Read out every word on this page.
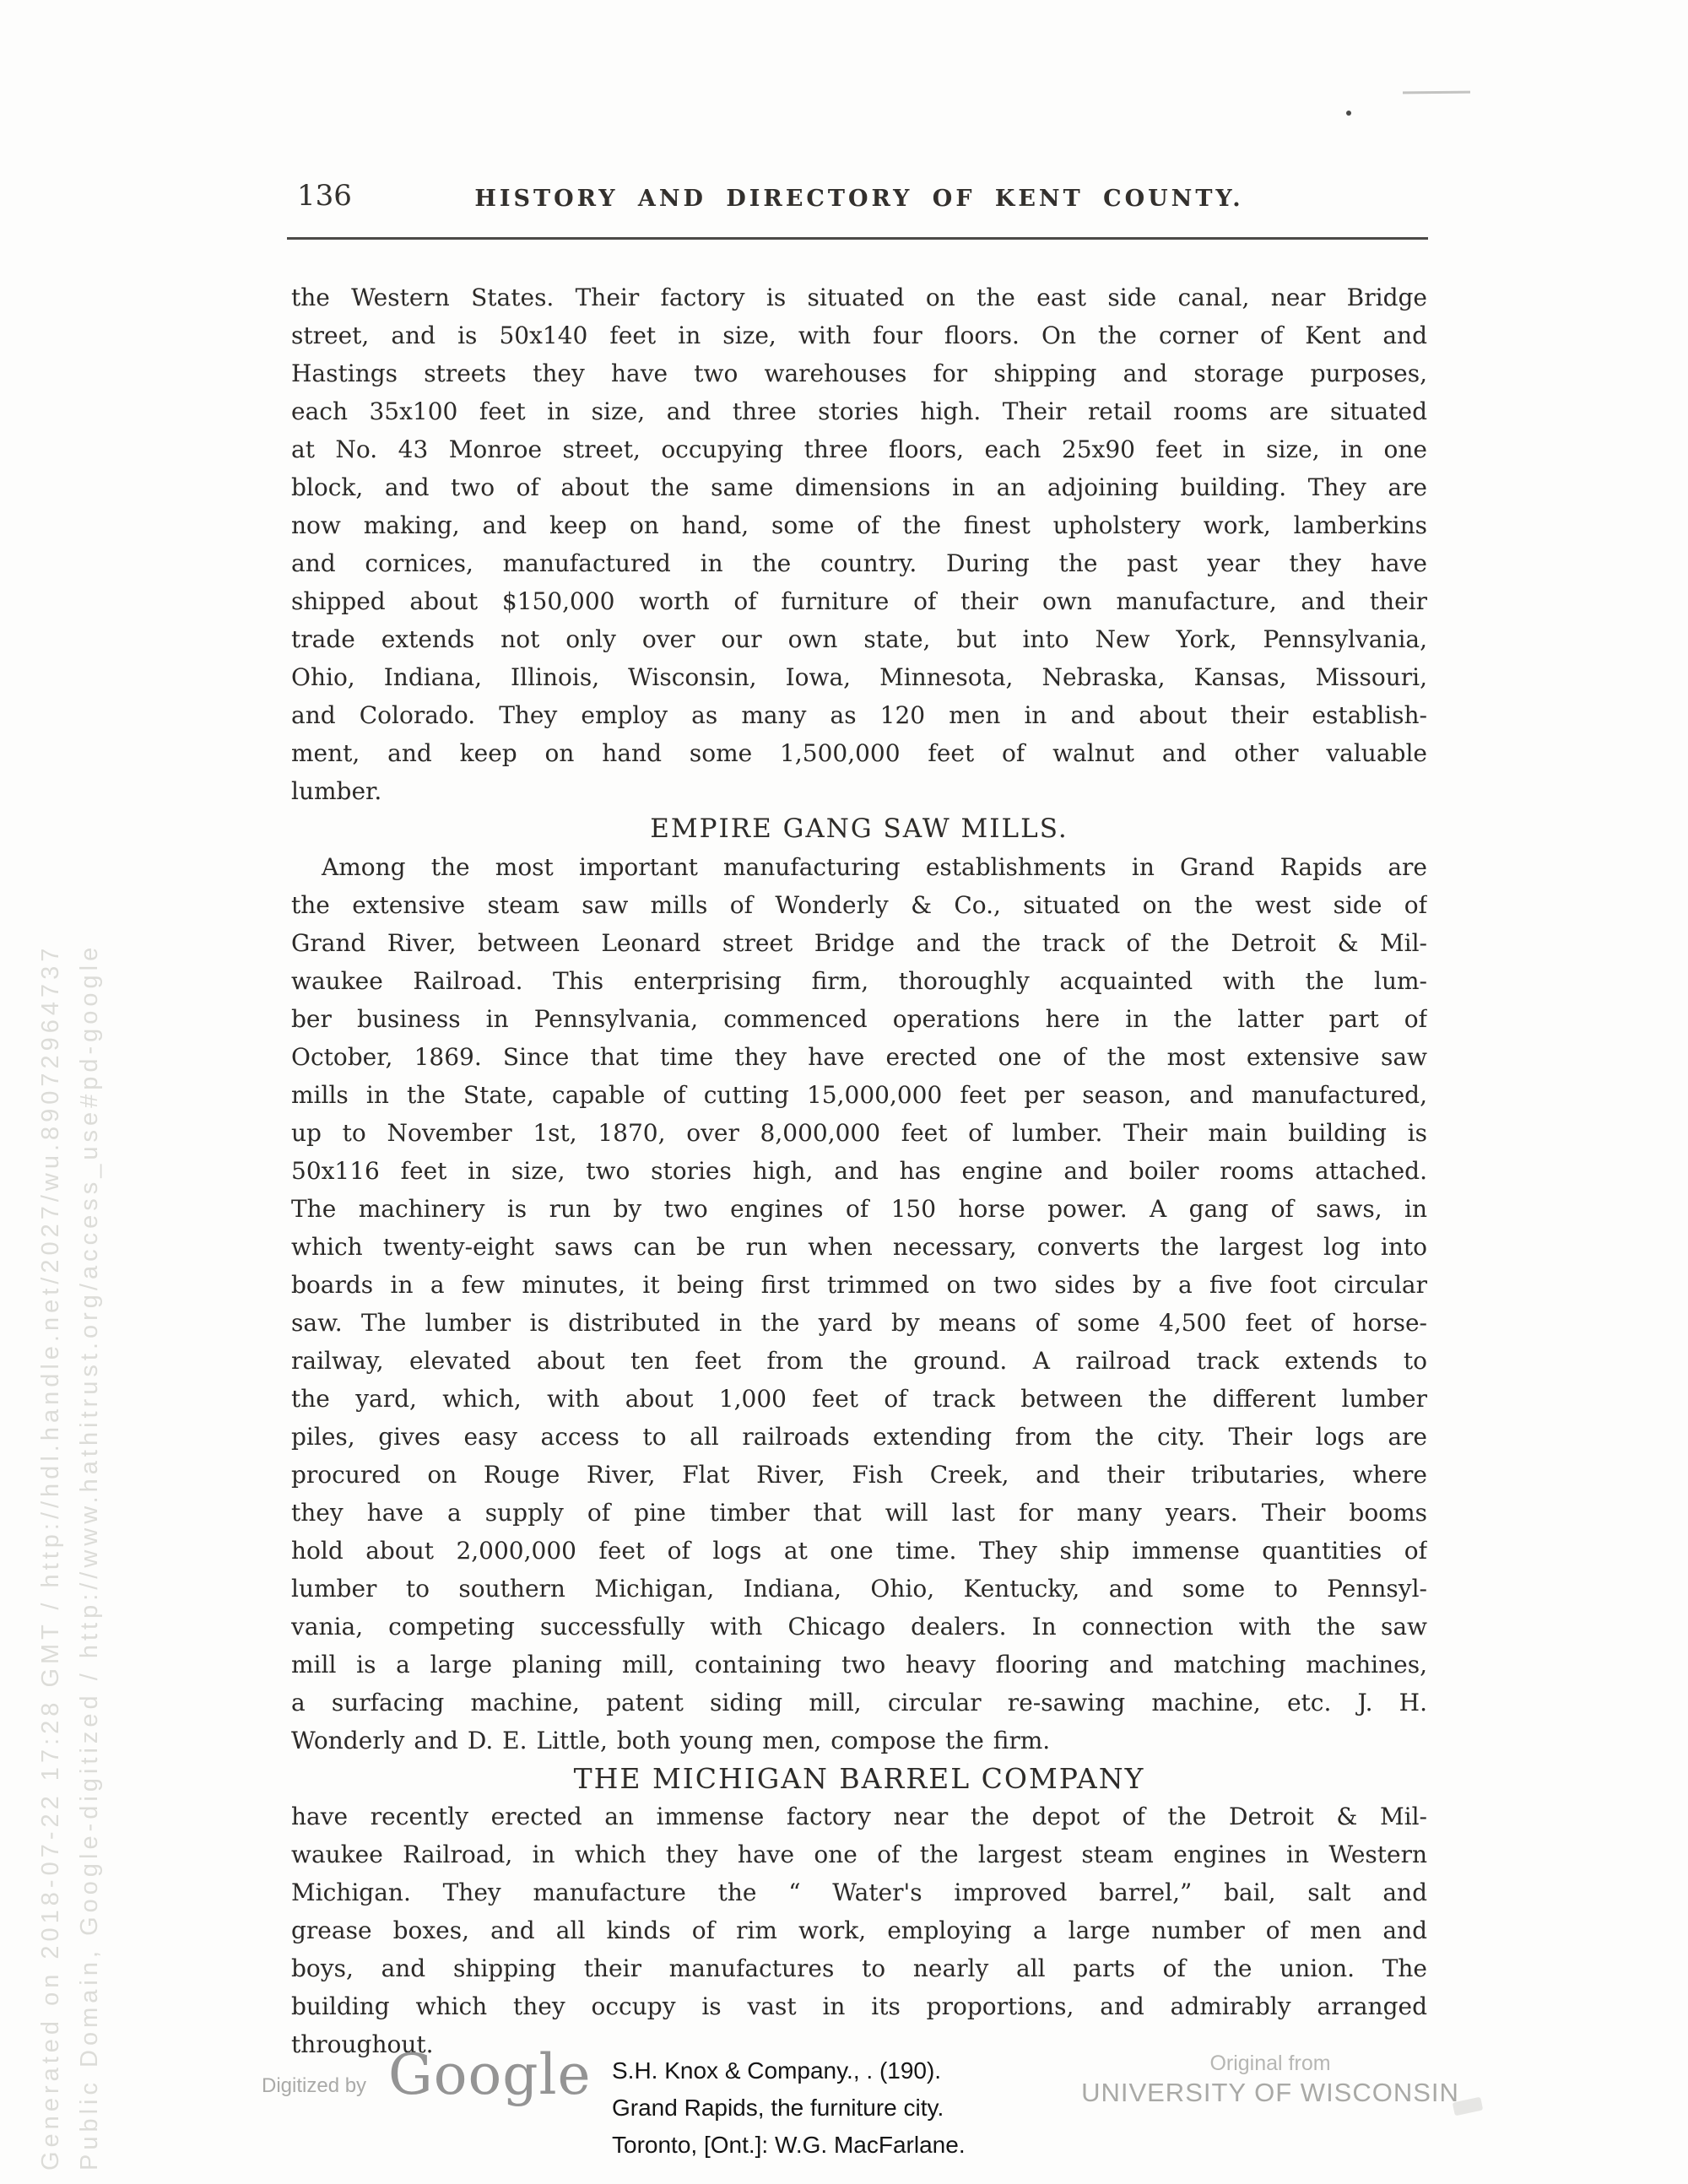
Generated on 2018-07-22 17:28 GMT / http://hdl.handle.net/2027/wu.89072964737 Public Domain, Google-digitized / http://www.hathitrust.org/access_use#pd-google
136	HISTORY AND DIRECTORY OF KENT COUNTY.
the Western States. Their factory is situated on the east side canal, near Bridge
street, and is 50x140 feet in size, with four floors. On the corner of Kent and
Hastings streets they have two warehouses for shipping and storage purposes,
each 35x100 feet in size, and three stories high. Their retail rooms are situated
at No. 43 Monroe street, occupying three floors, each 25x90 feet in size, in one
block, and two of about the same dimensions in an adjoining building. They are
now making, and keep on hand, some of the finest upholstery work, lamberkins
and cornices, manufactured in the country. During the past year they have
shipped about $150,000 worth of furniture of their own manufacture, and their
trade extends not only over our own state, but into New York, Pennsylvania,
Ohio, Indiana, Illinois, Wisconsin, Iowa, Minnesota, Nebraska, Kansas, Missouri,
and Colorado. They employ as many as 120 men in and about their establish-
ment, and keep on hand some 1,500,000 feet of walnut and other valuable
lumber.
EMPIRE GANG SAW MILLS.
Among the most important manufacturing establishments in Grand Rapids are
the extensive steam saw mills of Wonderly & Co., situated on the west side of
Grand River, between Leonard street Bridge and the track of the Detroit & Mil-
waukee Railroad. This enterprising firm, thoroughly acquainted with the lum-
ber business in Pennsylvania, commenced operations here in the latter part of
October, 1869. Since that time they have erected one of the most extensive saw
mills in the State, capable of cutting 15,000,000 feet per season, and manufactured,
up to November 1st, 1870, over 8,000,000 feet of lumber. Their main building is
50x116 feet in size, two stories high, and has engine and boiler rooms attached.
The machinery is run by two engines of 150 horse power. A gang of saws, in
which twenty-eight saws can be run when necessary, converts the largest log into
boards in a few minutes, it being first trimmed on two sides by a five foot circular
saw. The lumber is distributed in the yard by means of some 4,500 feet of horse-
railway, elevated about ten feet from the ground. A railroad track extends to
the yard, which, with about 1,000 feet of track between the different lumber
piles, gives easy access to all railroads extending from the city. Their logs are
procured on Rouge River, Flat River, Fish Creek, and their tributaries, where
they have a supply of pine timber that will last for many years. Their booms
hold about 2,000,000 feet of logs at one time. They ship immense quantities of
lumber to southern Michigan, Indiana, Ohio, Kentucky, and some to Pennsyl-
vania, competing successfully with Chicago dealers. In connection with the saw
mill is a large planing mill, containing two heavy flooring and matching machines,
a surfacing machine, patent siding mill, circular re-sawing machine, etc. J. H.
Wonderly and D. E. Little, both young men, compose the firm.
THE MICHIGAN BARREL COMPANY
have recently erected an immense factory near the depot of the Detroit & Mil-
waukee Railroad, in which they have one of the largest steam engines in Western
Michigan. They manufacture the “ Water's improved barrel,” bail, salt and
grease boxes, and all kinds of rim work, employing a large number of men and
boys, and shipping their manufactures to nearly all parts of the union. The
building which they occupy is vast in its proportions, and admirably arranged
throughout.
Digitized by Google S.H. Knox & Company., . (190).
Grand Rapids, the furniture city.
Toronto, [Ont.]: W.G. MacFarlane.
Original from
UNIVERSITY OF WISCONSIN
